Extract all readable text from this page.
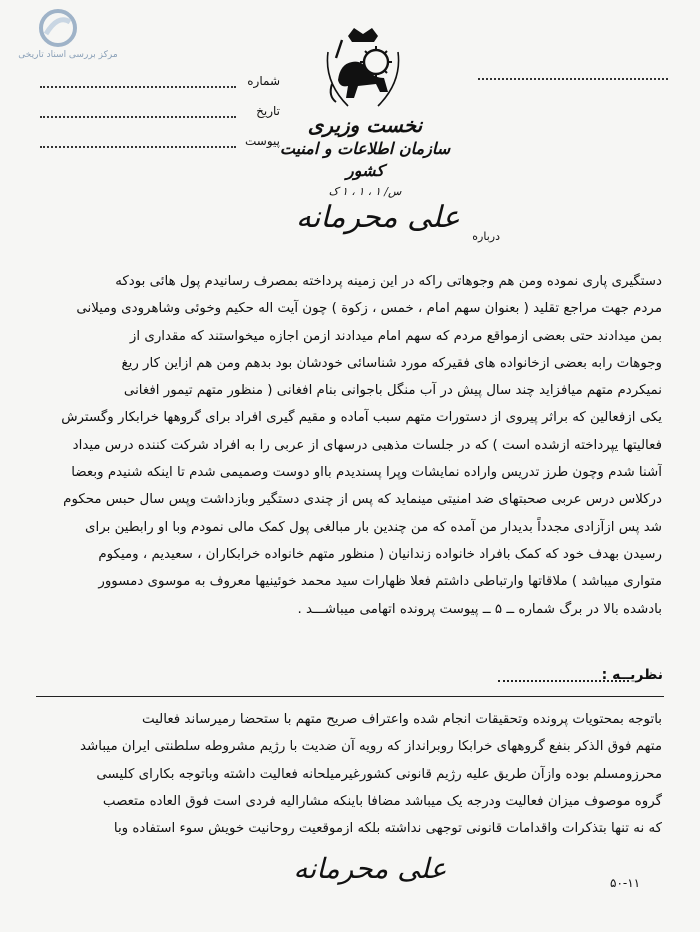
مرکز بررسی اسناد تاریخی
نخست وزیری
سازمان اطلاعات و امنیت کشور
س/ ۱ ، ۱ ، ۱ ک
شماره
تاریخ
پیوست
درباره
علی محرمانه

دستگیری پاری نموده ومن هم وجوهاتی راکه در این زمینه پرداخته بمصرف رسانیدم پول هائی بودکه

مردم جهت مراجع تقلید ( بعنوان سهم امام ، خمس ، زکوة ) چون آیت اله حکیم وخوئی وشاهرودی ومیلانی

بمن میدادند حتی بعضی ازمواقع مردم که سهم امام میدادند ازمن اجازه میخواستند که مقداری از

وجوهات رابه بعضی ازخانواده های فقیرکه مورد شناسائی خودشان بود بدهم ومن هم ازاین کار ریغ

نمیکردم متهم میافزاید چند سال پیش در آب منگل باجوانی بنام افغانی ( منظور متهم تیمور افغانی

یکی ازفعالین که براثر پیروی از دستورات متهم سبب آماده و مقیم گیری افراد برای گروهها خرابکار وگسترش

فعالیتها یپرداخته ازشده است ) که در جلسات مذهبی درسهای از عربی را به افراد شرکت کننده درس میداد

آشنا شدم وچون طرز تدریس واراده نمایشات وپرا پسندیدم بااو دوست وصمیمی شدم تا اینکه شنیدم وبعضا

درکلاس درس عربی صحبتهای ضد امنیتی مینماید که پس از چندی دستگیر وبازداشت وپس سال حبس محکوم

شد پس ازآزادی مجدداً بدیدار من آمده که من چندین بار مبالغی پول کمک مالی نمودم وبا او رابطین برای

رسیدن بهدف خود که کمک بافراد خانواده زندانیان ( منظور متهم خانواده خرابکاران ، سعیدیم ، ومیکوم

متواری میباشد ) ملاقاتها وارتباطی داشتم فعلا ظهارات سید محمد خوئینیها معروف به موسوی دمسوور

بادشده بالا در برگ شماره ــ ۵ ــ پیوست پرونده اتهامی میباشـــد .

نظریــه :

باتوجه بمحتویات پرونده وتحقیقات انجام شده واعتراف صریح متهم با ستحضا رمیرساند فعالیت

متهم فوق الذکر بنفع گروههای خرابکا روبرانداز که رویه آن ضدیت با رژیم مشروطه سلطنتی ایران میباشد

محرزومسلم بوده وازآن طریق علیه رژیم قانونی کشورغیرمیلحانه فعالیت داشته وباتوجه بکارای کلیسی

گروه موصوف میزان فعالیت ودرجه یک میباشد مضافا باینکه مشارالیه فردی است فوق العاده متعصب

که نه تنها بتذکرات واقدامات قانونی توجهی نداشته بلکه ازموقعیت روحانیت خویش سوء استفاده وبا

علی محرمانه	۵۰-۱۱
